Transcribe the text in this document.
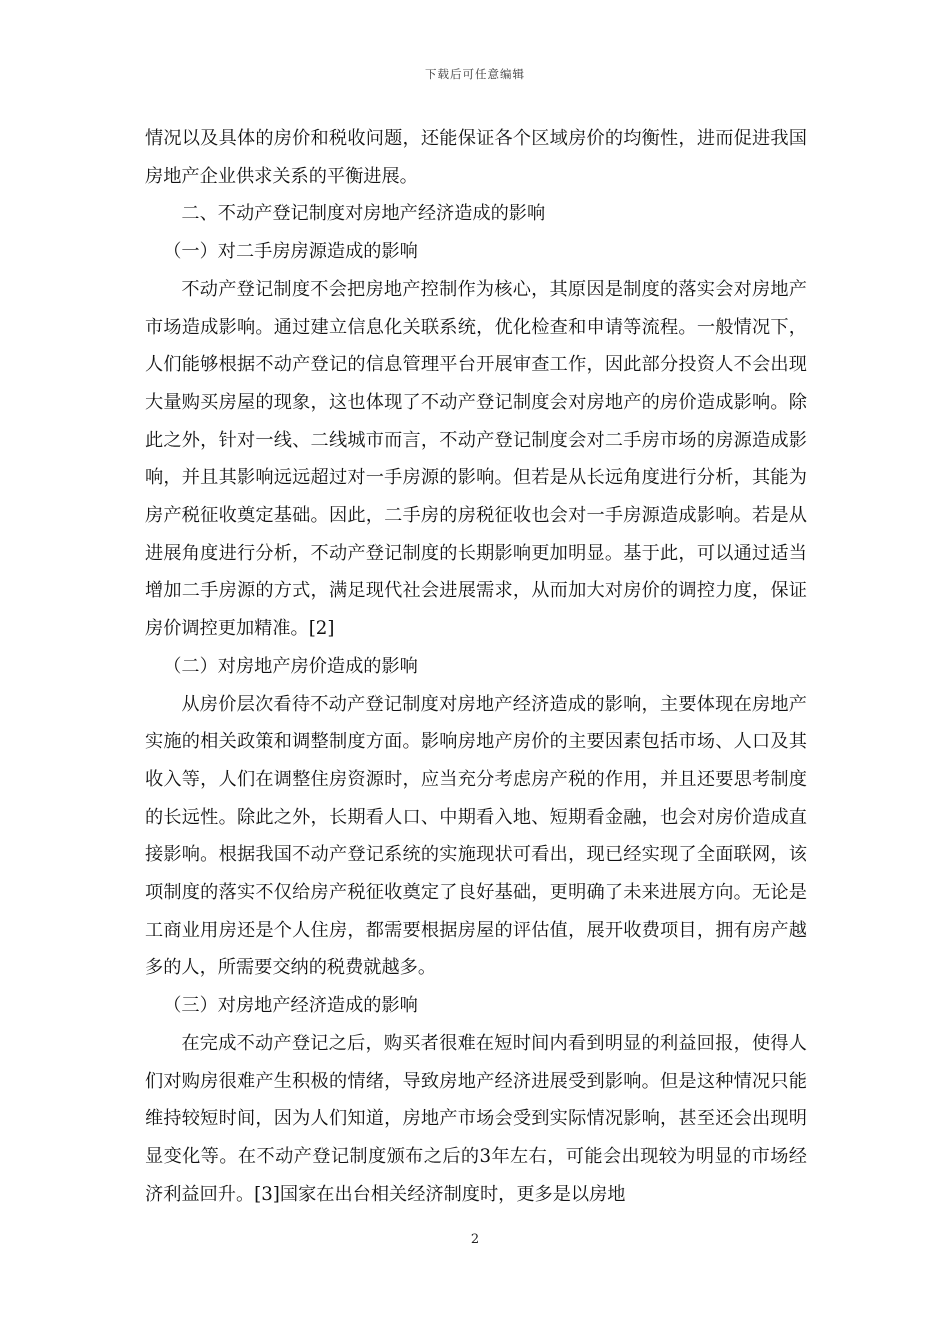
下载后可任意编辑

情况以及具体的房价和税收问题，还能保证各个区域房价的均衡性，进而促进我国房地产企业供求关系的平衡进展。

二、不动产登记制度对房地产经济造成的影响

（一）对二手房房源造成的影响

不动产登记制度不会把房地产控制作为核心，其原因是制度的落实会对房地产市场造成影响。通过建立信息化关联系统，优化检查和申请等流程。一般情况下，人们能够根据不动产登记的信息管理平台开展审查工作，因此部分投资人不会出现大量购买房屋的现象，这也体现了不动产登记制度会对房地产的房价造成影响。除此之外，针对一线、二线城市而言，不动产登记制度会对二手房市场的房源造成影响，并且其影响远远超过对一手房源的影响。但若是从长远角度进行分析，其能为房产税征收奠定基础。因此，二手房的房税征收也会对一手房源造成影响。若是从进展角度进行分析，不动产登记制度的长期影响更加明显。基于此，可以通过适当增加二手房源的方式，满足现代社会进展需求，从而加大对房价的调控力度，保证房价调控更加精准。[2]

（二）对房地产房价造成的影响

从房价层次看待不动产登记制度对房地产经济造成的影响，主要体现在房地产实施的相关政策和调整制度方面。影响房地产房价的主要因素包括市场、人口及其收入等，人们在调整住房资源时，应当充分考虑房产税的作用，并且还要思考制度的长远性。除此之外，长期看人口、中期看入地、短期看金融，也会对房价造成直接影响。根据我国不动产登记系统的实施现状可看出，现已经实现了全面联网，该项制度的落实不仅给房产税征收奠定了良好基础，更明确了未来进展方向。无论是工商业用房还是个人住房，都需要根据房屋的评估值，展开收费项目，拥有房产越多的人，所需要交纳的税费就越多。

（三）对房地产经济造成的影响

在完成不动产登记之后，购买者很难在短时间内看到明显的利益回报，使得人们对购房很难产生积极的情绪，导致房地产经济进展受到影响。但是这种情况只能维持较短时间，因为人们知道，房地产市场会受到实际情况影响，甚至还会出现明显变化等。在不动产登记制度颁布之后的3年左右，可能会出现较为明显的市场经济利益回升。[3]国家在出台相关经济制度时，更多是以房地

2
